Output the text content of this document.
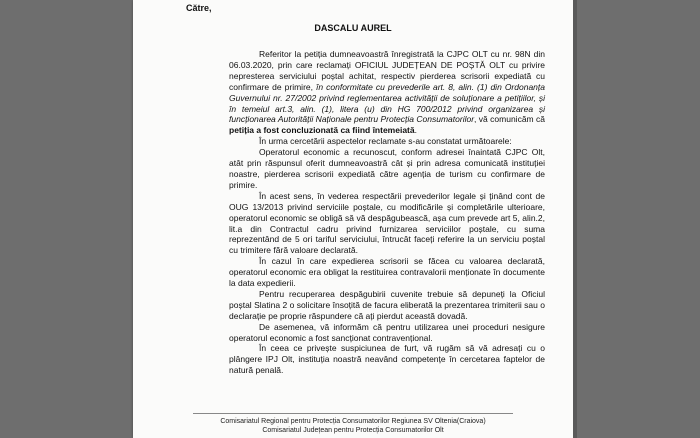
Către,
DASCALU AUREL

Referitor la petiția dumneavoastră înregistrată la CJPC OLT cu nr. 98N din 06.03.2020, prin care reclamați OFICIUL JUDEȚEAN DE POȘTĂ OLT cu privire nepresterea serviciului poștal achitat, respectiv pierderea scrisorii expediată cu confirmare de primire, în conformitate cu prevederile art. 8, alin. (1) din Ordonanța Guvernului nr. 27/2002 privind reglementarea activității de soluționare a petițiilor, și în temeiul art.3, alin. (1), litera (u) din HG 700/2012 privind organizarea și funcționarea Autorității Naționale pentru Protecția Consumatorilor, vă comunicăm că petiția a fost concluzionată ca fiind întemeiată.

În urma cercetării aspectelor reclamate s-au constatat următoarele:

Operatorul economic a recunoscut, conform adresei înaintată CJPC Olt, atât prin răspunsul oferit dumneavoastră cât și prin adresa comunicată instituției noastre, pierderea scrisorii expediată către agenția de turism cu confirmare de primire.

În acest sens, în vederea respectării prevederilor legale și ținând cont de OUG 13/2013 privind serviciile poștale, cu modificările și completările ulterioare, operatorul economic se obligă să vă despăgubească, așa cum prevede art 5, alin.2, lit.a din Contractul cadru privind furnizarea serviciilor poștale, cu suma reprezentând de 5 ori tariful serviciului, întrucât faceți referire la un serviciu poștal cu trimitere fără valoare declarată.

În cazul în care expedierea scrisorii se făcea cu valoarea declarată, operatorul economic era obligat la restituirea contravalorii menționate în documente la data expedierii.

Pentru recuperarea despăgubirii cuvenite trebuie să depuneți la Oficiul poștal Slatina 2 o solicitare însoțită de facura eliberată la prezentarea trimiterii sau o declarație pe proprie răspundere că ați pierdut această dovadă.

De asemenea, vă informăm că pentru utilizarea unei proceduri nesigure operatorul economic a fost sancționat contravențional.

În ceea ce privește suspiciunea de furt, vă rugăm să vă adresați cu o plângere IPJ Olt, instituția noastră neavând competențe în cercetarea faptelor de natură penală.

Comisariatul Regional pentru Protecția Consumatorilor Regiunea SV Oltenia(Craiova)
Comisariatul Județean pentru Protecția Consumatorilor Olt
